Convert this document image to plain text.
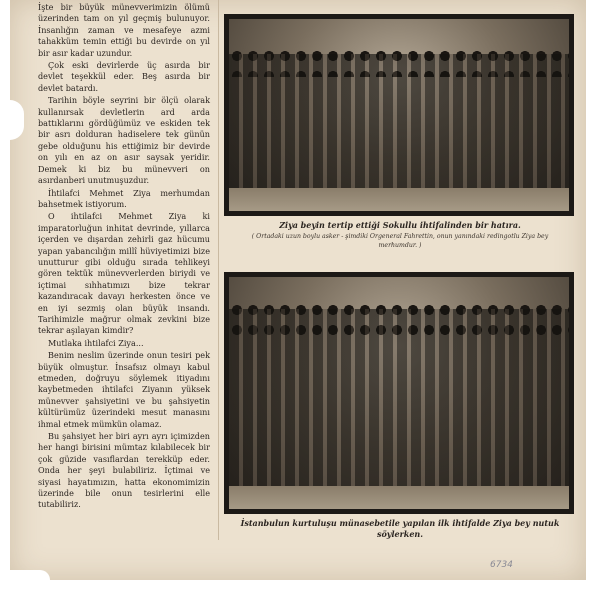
İşte bir büyük münevverimizin ölümü üzerinden tam on yıl geçmiş bulunuyor. İnsanlığın zaman ve mesafeye azmi tahakküm temin ettiği bu devirde on yıl bir asır kadar uzundur.

Çok eski devirlerde üç asırda bir devlet teşekkül eder. Beş asırda bir devlet batardı.

Tarihin böyle seyrini bir ölçü olarak kullanırsak devletlerin ard arda battıklarını gördüğümüz ve eskiden tek bir asrı dolduran hadiselere tek günün gebe olduğunu his ettiğimiz bir devirde on yılı en az on asır saysak yeridir. Demek ki biz bu münevveri on asırdanberi unutmuşuzdur.

İhtilafci Mehmet Ziya merhumdan bahsetmek istiyorum.

O ihtilafci Mehmet Ziya ki imparatorluğun inhitat devrinde, yıllarca içerden ve dışardan zehirli gaz hücumu yapan yabancılığın millî hüviyetimizi bize unutturur gibi olduğu sırada tehlikeyi gören tektük münevverlerden biriydi ve içtimai sıhhatımızı bize tekrar kazandıracak davayı herkesten önce ve en iyi sezmiş olan büyük insandı. Tarihimizle mağrur olmak zevkini bize tekrar aşılayan kimdir?

Mutlaka ihtilafci Ziya...

Benim neslim üzerinde onun tesiri pek büyük olmuştur. İnsafsız olmayı kabul etmeden, doğruyu söylemek itiyadını kaybetmeden ihtilafci Ziyanın yüksek münevver şahsiyetini ve bu şahsiyetin kültürümüz üzerindeki mesut manasını ihmal etmek mümkün olamaz.

Bu şahsiyet her biri ayrı ayrı içimizden her hangi birisini mümtaz kılabilecek bir çok güzide vasıflardan terekküp eder. Onda her şeyi bulabiliriz. İçtimai ve siyasi hayatımızın, hatta ekonomimizin üzerinde bile onun tesirlerini elle tutabiliriz.

Ziya beyin tertip ettiği Sokullu ihtifalinden bir hatıra.
( Ortadaki uzun boylu asker - şimdiki Orgeneral Fahrettin, onun yanındaki redingotlu Ziya bey merhumdur. )
İstanbulun kurtuluşu münasebetile yapılan ilk ihtifalde Ziya bey nutuk söylerken.
6734
